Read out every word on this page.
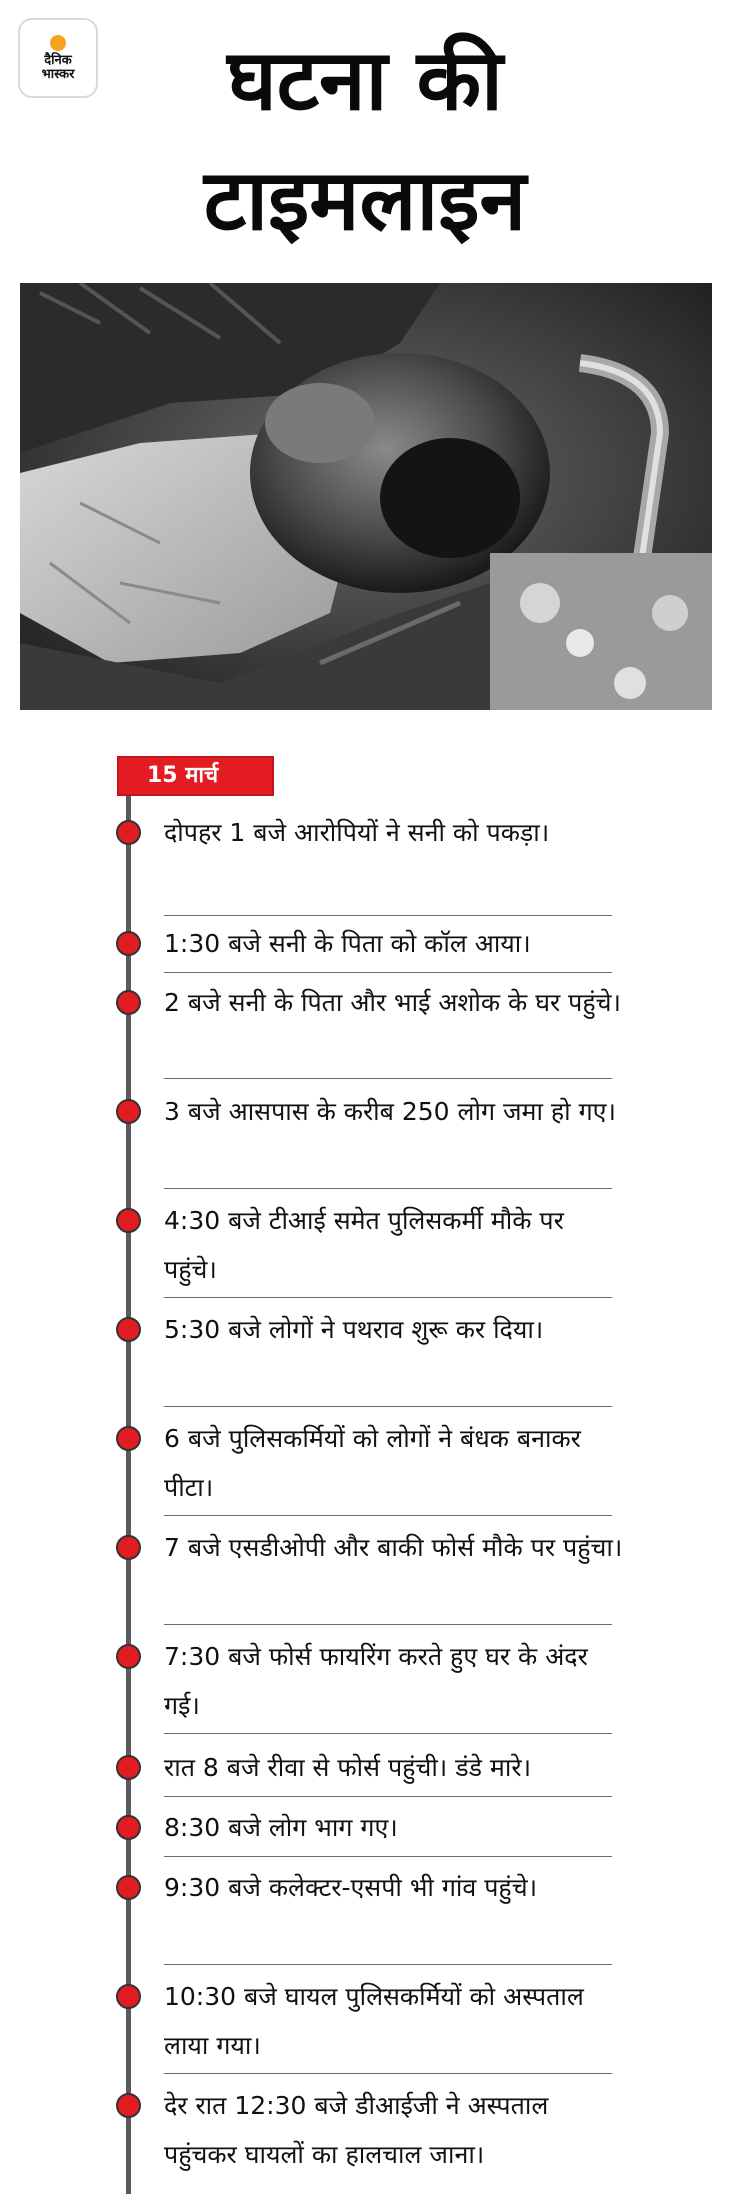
दैनिक
भास्कर	घटना की
टाइमलाइन
15 मार्च
दोपहर 1 बजे आरोपियों ने सनी को पकड़ा।
1:30 बजे सनी के पिता को कॉल आया।
2 बजे सनी के पिता और भाई अशोक के घर पहुंचे।
3 बजे आसपास के करीब 250 लोग जमा हो गए।
4:30 बजे टीआई समेत पुलिसकर्मी मौके पर पहुंचे।
5:30 बजे लोगों ने पथराव शुरू कर दिया।
6 बजे पुलिसकर्मियों को लोगों ने बंधक बनाकर पीटा।
7 बजे एसडीओपी और बाकी फोर्स मौके पर पहुंचा।
7:30 बजे फोर्स फायरिंग करते हुए घर के अंदर गई।
रात 8 बजे रीवा से फोर्स पहुंची। डंडे मारे।
8:30 बजे लोग भाग गए।
9:30 बजे कलेक्टर-एसपी भी गांव पहुंचे।
10:30 बजे घायल पुलिसकर्मियों को अस्पताल लाया गया।
देर रात 12:30 बजे डीआईजी ने अस्पताल पहुंचकर घायलों का हालचाल जाना।
